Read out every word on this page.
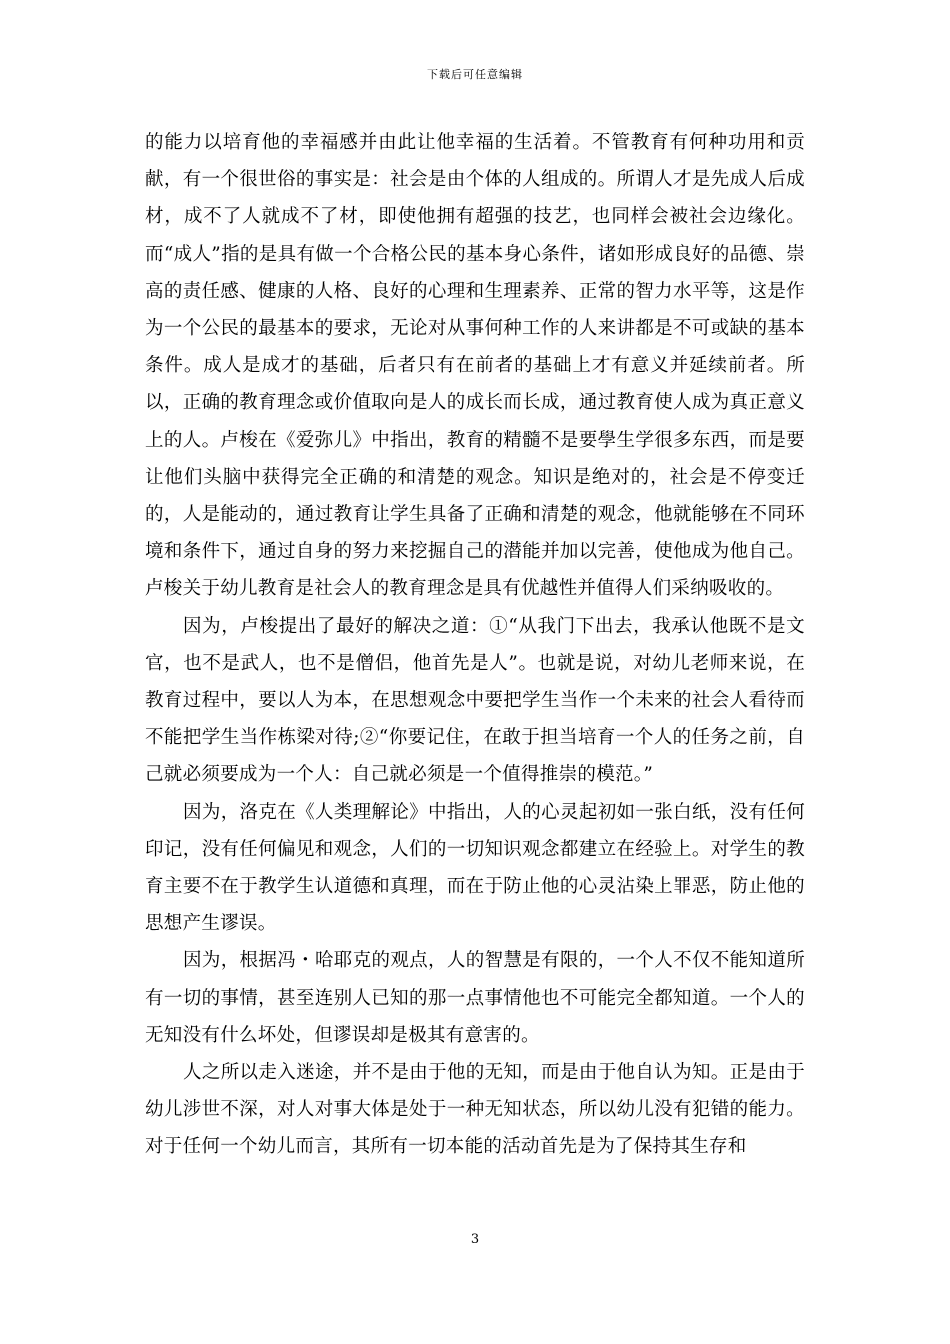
下载后可任意编辑

的能力以培育他的幸福感并由此让他幸福的生活着。不管教育有何种功用和贡献，有一个很世俗的事实是：社会是由个体的人组成的。所谓人才是先成人后成材，成不了人就成不了材，即使他拥有超强的技艺，也同样会被社会边缘化。而“成人”指的是具有做一个合格公民的基本身心条件，诸如形成良好的品德、崇高的责任感、健康的人格、良好的心理和生理素养、正常的智力水平等，这是作为一个公民的最基本的要求，无论对从事何种工作的人来讲都是不可或缺的基本条件。成人是成才的基础，后者只有在前者的基础上才有意义并延续前者。所以，正确的教育理念或价值取向是人的成长而长成，通过教育使人成为真正意义上的人。卢梭在《爱弥儿》中指出，教育的精髓不是要學生学很多东西，而是要让他们头脑中获得完全正确的和清楚的观念。知识是绝对的，社会是不停变迁的，人是能动的，通过教育让学生具备了正确和清楚的观念，他就能够在不同环境和条件下，通过自身的努力来挖掘自己的潜能并加以完善，使他成为他自己。卢梭关于幼儿教育是社会人的教育理念是具有优越性并值得人们采纳吸收的。

因为，卢梭提出了最好的解决之道：①“从我门下出去，我承认他既不是文官，也不是武人，也不是僧侣，他首先是人”。也就是说，对幼儿老师来说，在教育过程中，要以人为本，在思想观念中要把学生当作一个未来的社会人看待而不能把学生当作栋梁对待;②“你要记住，在敢于担当培育一个人的任务之前，自己就必须要成为一个人：自己就必须是一个值得推崇的模范。”

因为，洛克在《人类理解论》中指出，人的心灵起初如一张白纸，没有任何印记，没有任何偏见和观念，人们的一切知识观念都建立在经验上。对学生的教育主要不在于教学生认道德和真理，而在于防止他的心灵沾染上罪恶，防止他的思想产生谬误。

因为，根据冯・哈耶克的观点，人的智慧是有限的，一个人不仅不能知道所有一切的事情，甚至连别人已知的那一点事情他也不可能完全都知道。一个人的无知没有什么坏处，但谬误却是极其有意害的。

人之所以走入迷途，并不是由于他的无知，而是由于他自认为知。正是由于幼儿涉世不深，对人对事大体是处于一种无知状态，所以幼儿没有犯错的能力。对于任何一个幼儿而言，其所有一切本能的活动首先是为了保持其生存和

3
